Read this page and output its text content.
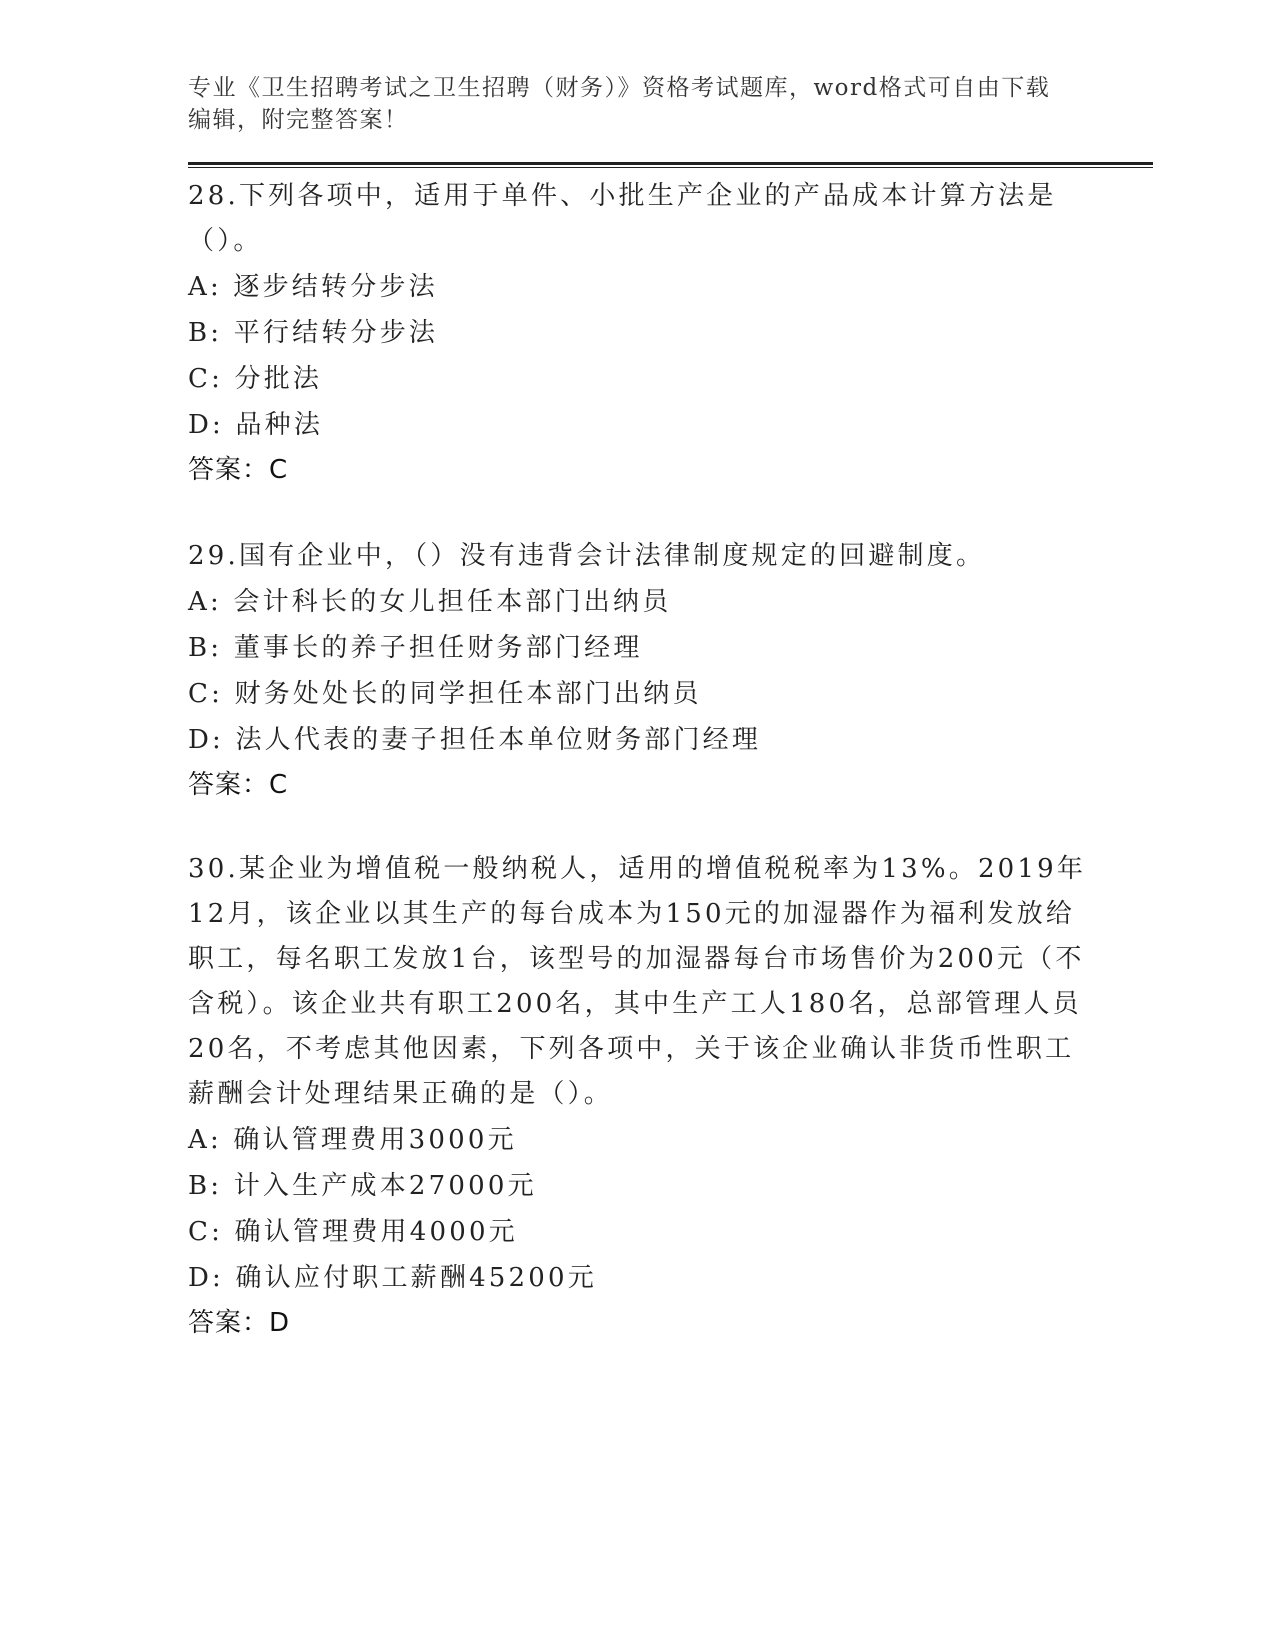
专业《卫生招聘考试之卫生招聘（财务）》资格考试题库，word格式可自由下载编辑，附完整答案！
28.下列各项中，适用于单件、小批生产企业的产品成本计算方法是（）。
A: 逐步结转分步法
B: 平行结转分步法
C: 分批法
D: 品种法
答案：C
29.国有企业中，（）没有违背会计法律制度规定的回避制度。
A: 会计科长的女儿担任本部门出纳员
B: 董事长的养子担任财务部门经理
C: 财务处处长的同学担任本部门出纳员
D: 法人代表的妻子担任本单位财务部门经理
答案：C
30.某企业为增值税一般纳税人，适用的增值税税率为13%。2019年12月，该企业以其生产的每台成本为150元的加湿器作为福利发放给职工，每名职工发放1台，该型号的加湿器每台市场售价为200元（不含税）。该企业共有职工200名，其中生产工人180名，总部管理人员20名，不考虑其他因素，下列各项中，关于该企业确认非货币性职工薪酬会计处理结果正确的是（）。
A: 确认管理费用3000元
B: 计入生产成本27000元
C: 确认管理费用4000元
D: 确认应付职工薪酬45200元
答案：D
